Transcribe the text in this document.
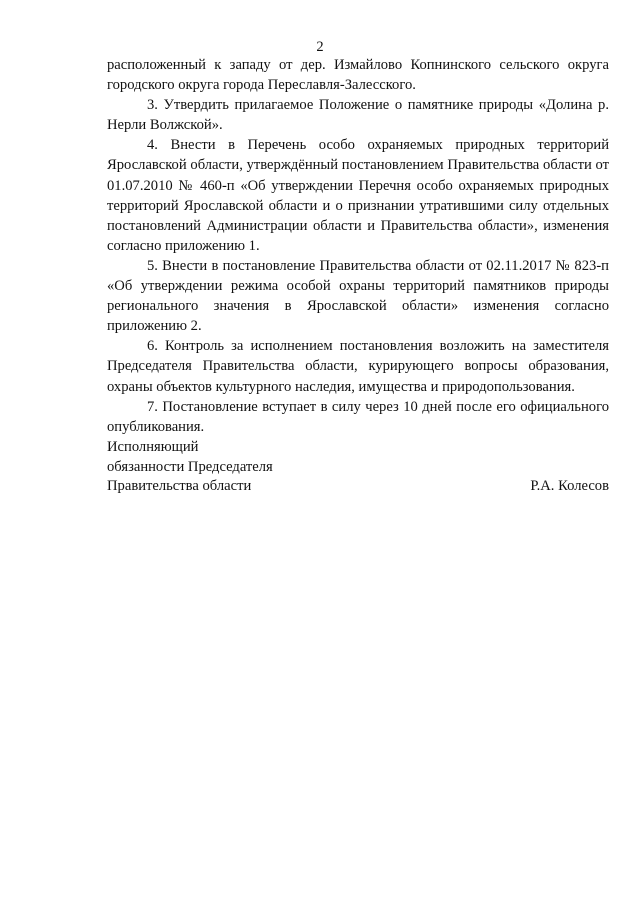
2

расположенный к западу от дер. Измайлово Копнинского сельского округа городского округа города Переславля-Залесского.

3. Утвердить прилагаемое Положение о памятнике природы «Долина р. Нерли Волжской».

4. Внести в Перечень особо охраняемых природных территорий Ярославской области, утверждённый постановлением Правительства области от 01.07.2010 № 460-п «Об утверждении Перечня особо охраняемых природных территорий Ярославской области и о признании утратившими силу отдельных постановлений Администрации области и Правительства области», изменения согласно приложению 1.

5. Внести в постановление Правительства области от 02.11.2017 № 823-п «Об утверждении режима особой охраны территорий памятников природы регионального значения в Ярославской области» изменения согласно приложению 2.

6. Контроль за исполнением постановления возложить на заместителя Председателя Правительства области, курирующего вопросы образования, охраны объектов культурного наследия, имущества и природопользования.

7. Постановление вступает в силу через 10 дней после его официального опубликования.

Исполняющий
обязанности Председателя
Правительства области	Р.А. Колесов
